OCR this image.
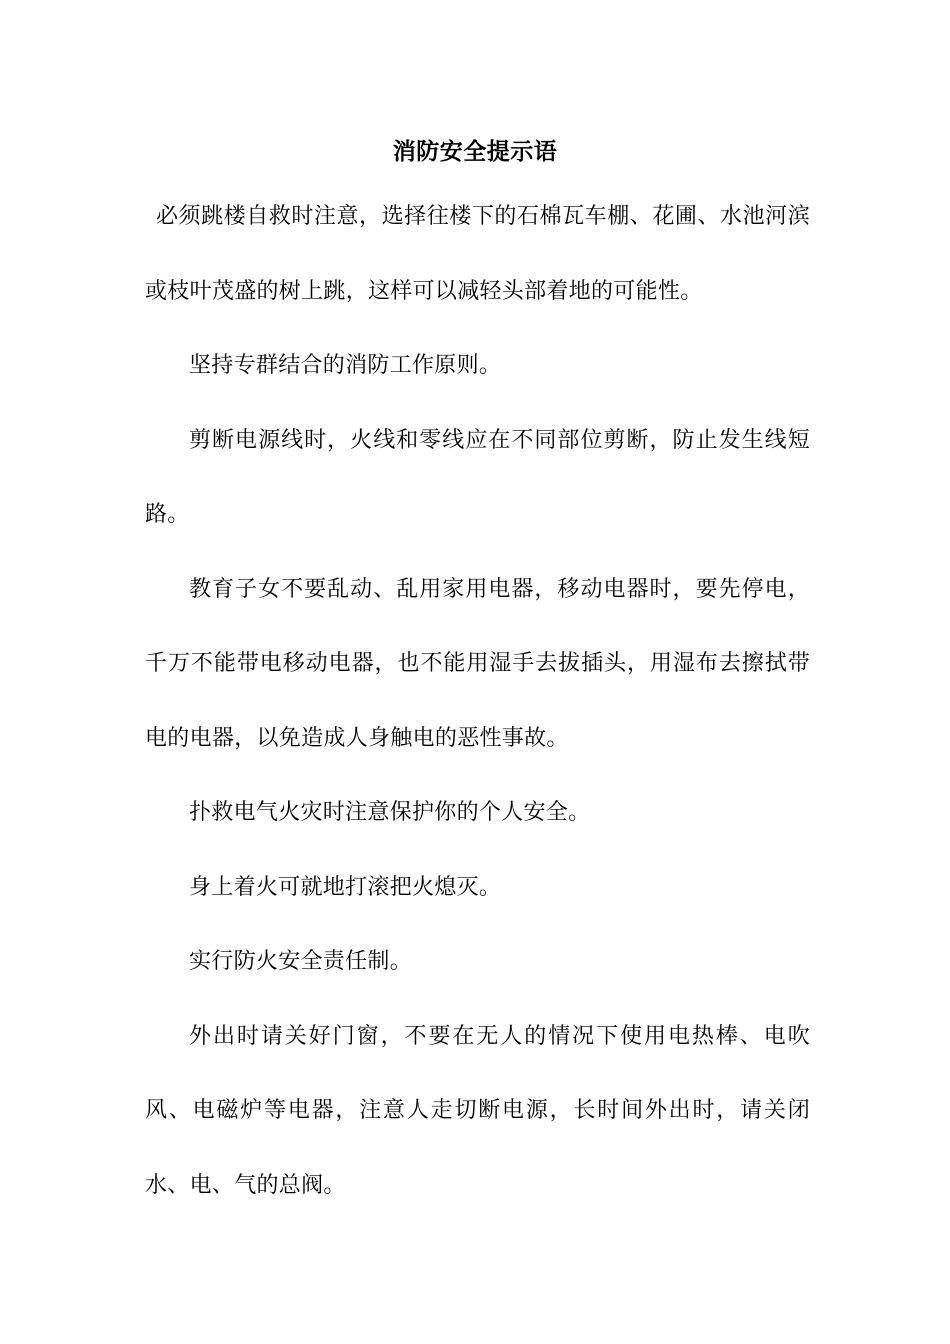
消防安全提示语

必须跳楼自救时注意，选择往楼下的石棉瓦车棚、花圃、水池河滨或枝叶茂盛的树上跳，这样可以减轻头部着地的可能性。

坚持专群结合的消防工作原则。

剪断电源线时，火线和零线应在不同部位剪断，防止发生线短路。

教育子女不要乱动、乱用家用电器，移动电器时，要先停电，千万不能带电移动电器，也不能用湿手去拔插头，用湿布去擦拭带电的电器，以免造成人身触电的恶性事故。

扑救电气火灾时注意保护你的个人安全。

身上着火可就地打滚把火熄灭。

实行防火安全责任制。

外出时请关好门窗，不要在无人的情况下使用电热棒、电吹风、电磁炉等电器，注意人走切断电源，长时间外出时，请关闭水、电、气的总阀。
